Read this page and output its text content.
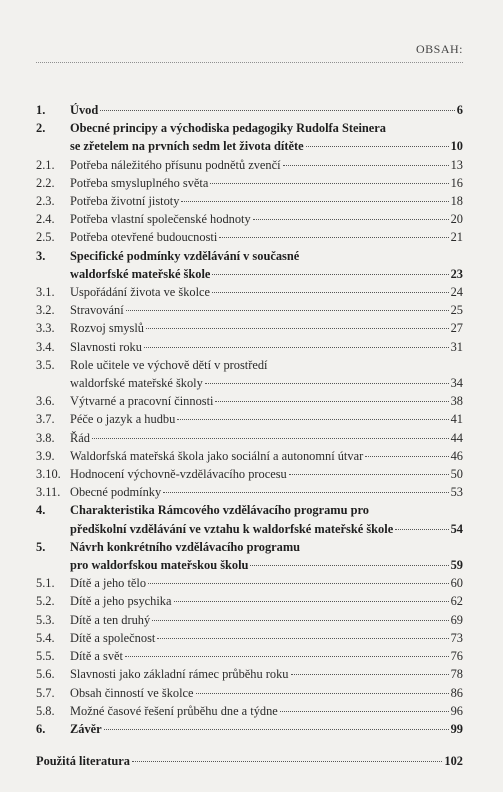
OBSAH:
1.	Úvod	6
2.	Obecné principy a východiska pedagogiky Rudolfa Steinera
se zřetelem na prvních sedm let života dítěte	10
2.1.	Potřeba náležitého přísunu podnětů zvenčí	13
2.2.	Potřeba smysluplného světa	16
2.3.	Potřeba životní jistoty	18
2.4.	Potřeba vlastní společenské hodnoty	20
2.5.	Potřeba otevřené budoucnosti	21
3.	Specifické podmínky vzdělávání v současné
waldorfské mateřské škole	23
3.1.	Uspořádání života ve školce	24
3.2.	Stravování	25
3.3.	Rozvoj smyslů	27
3.4.	Slavnosti roku	31
3.5.	Role učitele ve výchově dětí v prostředí
waldorfské mateřské školy	34
3.6.	Výtvarné a pracovní činnosti	38
3.7.	Péče o jazyk a hudbu	41
3.8.	Řád	44
3.9.	Waldorfská mateřská škola jako sociální a autonomní útvar	46
3.10. Hodnocení výchovně-vzdělávacího procesu	50
3.11. Obecné podmínky	53
4.	Charakteristika Rámcového vzdělávacího programu pro
předškolní vzdělávání ve vztahu k waldorfské mateřské škole	54
5.	Návrh konkrétního vzdělávacího programu
pro waldorfskou mateřskou školu	59
5.1.	Dítě a jeho tělo	60
5.2.	Dítě a jeho psychika	62
5.3.	Dítě a ten druhý	69
5.4.	Dítě a společnost	73
5.5.	Dítě a svět	76
5.6.	Slavnosti jako základní rámec průběhu roku	78
5.7.	Obsah činností ve školce	86
5.8.	Možné časové řešení průběhu dne a týdne	96
6.	Závěr	99
Použitá literatura	102
